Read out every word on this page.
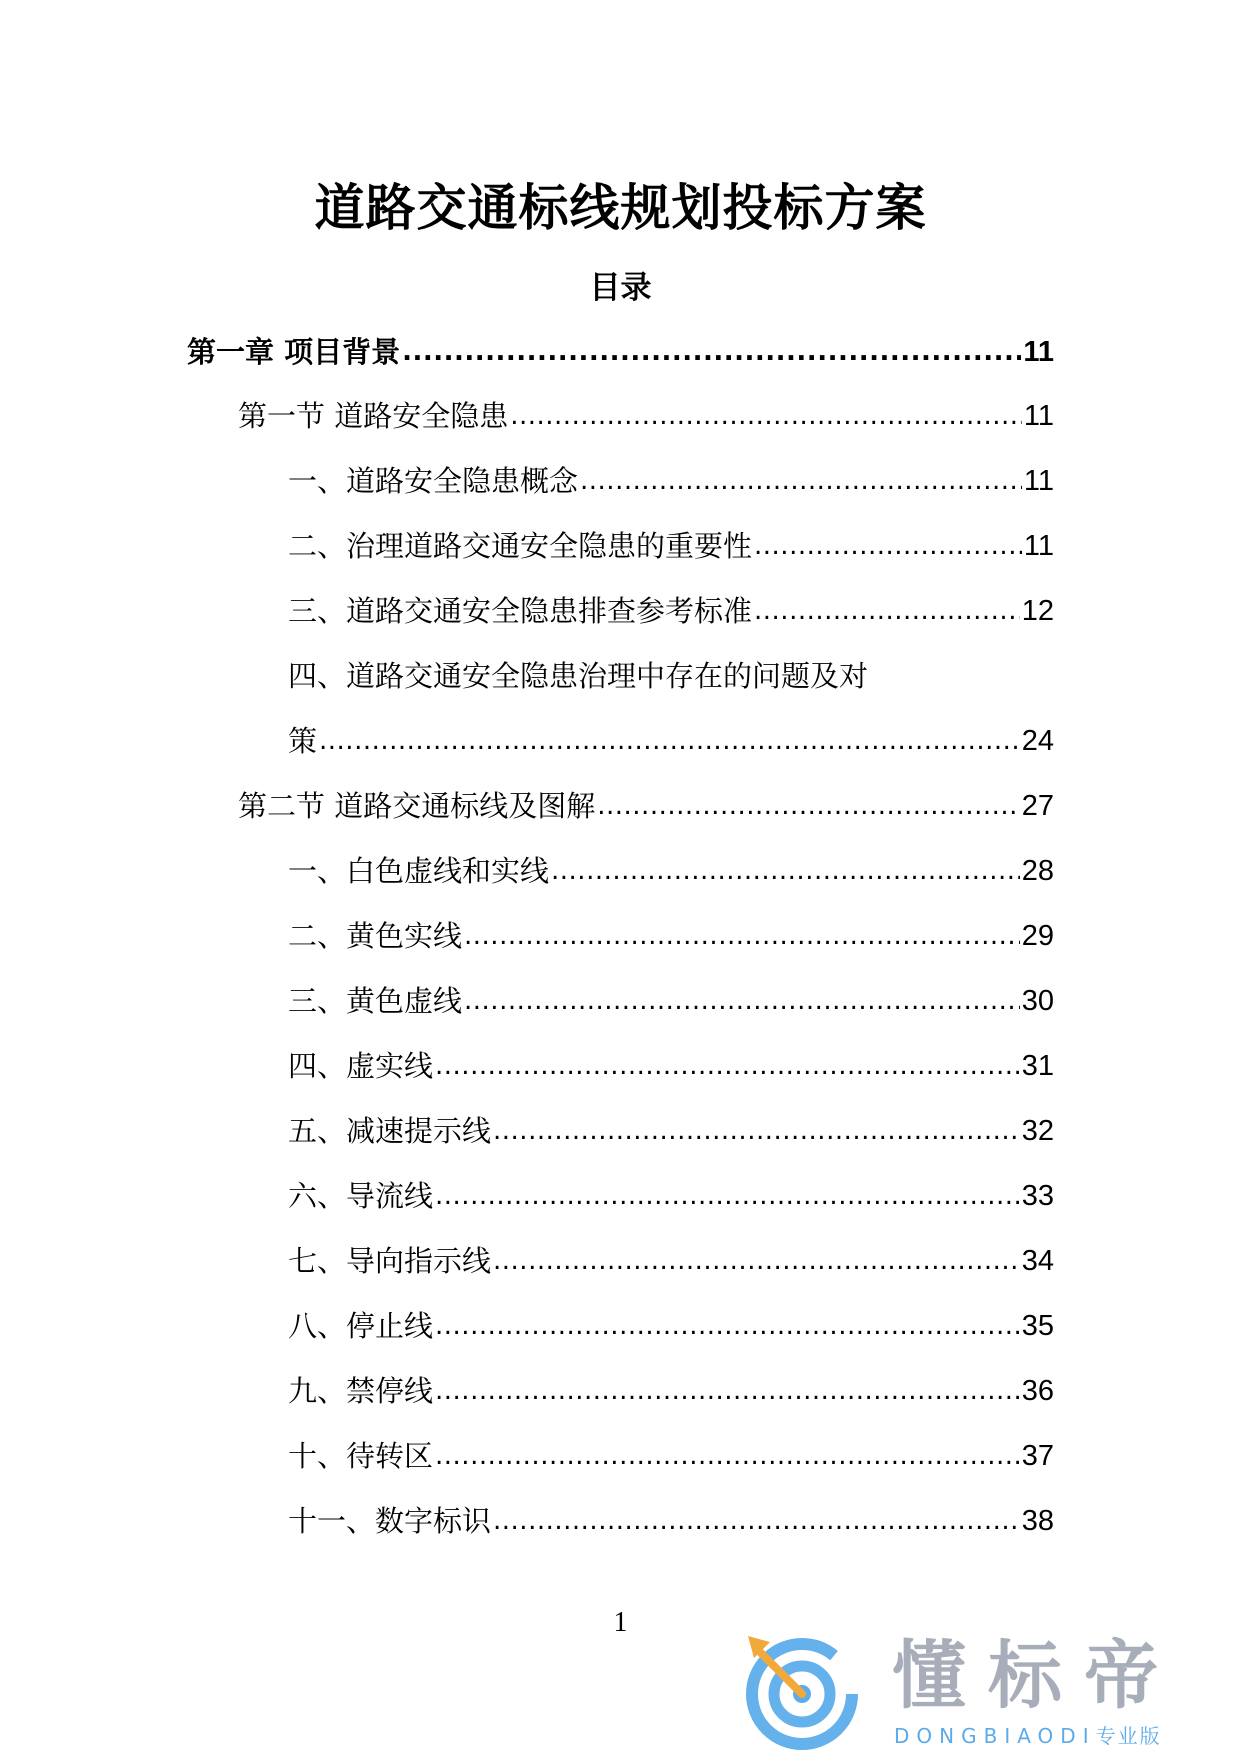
道路交通标线规划投标方案
目录
第一章 项目背景 .....	11
第一节 道路安全隐患 .....	11
一、道路安全隐患概念 .....	11
二、治理道路交通安全隐患的重要性 .....	11
三、道路交通安全隐患排查参考标准 .....	12
四、道路交通安全隐患治理中存在的问题及对
策 .....	24
第二节 道路交通标线及图解 .....	27
一、白色虚线和实线 .....	28
二、黄色实线 .....	29
三、黄色虚线 .....	30
四、虚实线 .....	31
五、减速提示线 .....	32
六、导流线 .....	33
七、导向指示线 .....	34
八、停止线 .....	35
九、禁停线 .....	36
十、待转区 .....	37
十一、数字标识 .....	38
1
懂标帝
DONGBIAODI专业版
